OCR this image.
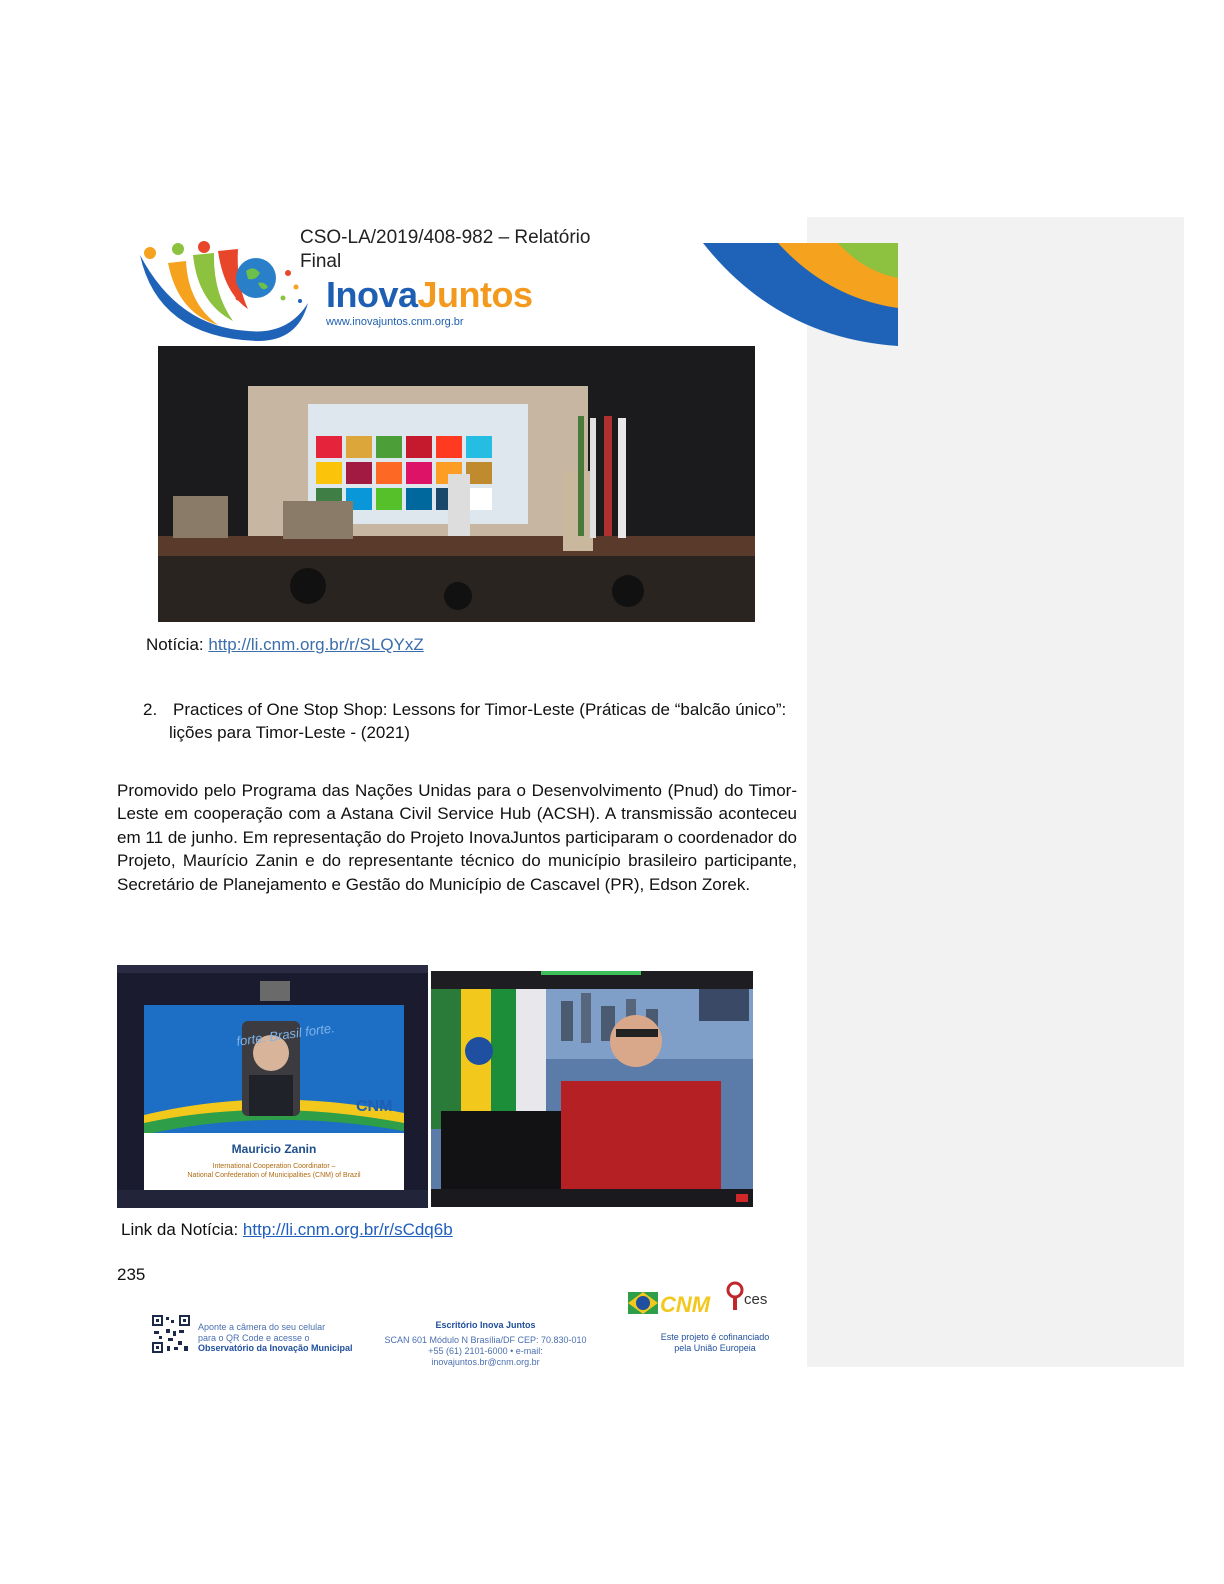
CSO-LA/2019/408-982 – Relatório Final
InovaJuntos
www.inovajuntos.cnm.org.br
Notícia: http://li.cnm.org.br/r/SLQYxZ
2. Practices of One Stop Shop: Lessons for Timor-Leste (Práticas de “balcão único”:
lições para Timor-Leste - (2021)
Promovido pelo Programa das Nações Unidas para o Desenvolvimento (Pnud) do Timor-Leste em cooperação com a Astana Civil Service Hub (ACSH). A transmissão aconteceu em 11 de junho. Em representação do Projeto InovaJuntos participaram o coordenador do Projeto, Maurício Zanin e do representante técnico do município brasileiro participante, Secretário de Planejamento e Gestão do Município de Cascavel (PR), Edson Zorek.
forte. Brasil forte.
CNM
Mauricio Zanin
International Cooperation Coordinator –
National Confederation of Municipalities (CNM) of Brazil
Link da Notícia: http://li.cnm.org.br/r/sCdq6b
235
Aponte a câmera do seu celular
para o QR Code e acesse o
Observatório da Inovação Municipal
Escritório Inova Juntos
SCAN 601 Módulo N Brasília/DF CEP: 70.830-010
+55 (61) 2101-6000 • e-mail: inovajuntos.br@cnm.org.br
CNM ces
Este projeto é cofinanciado
pela União Europeia
